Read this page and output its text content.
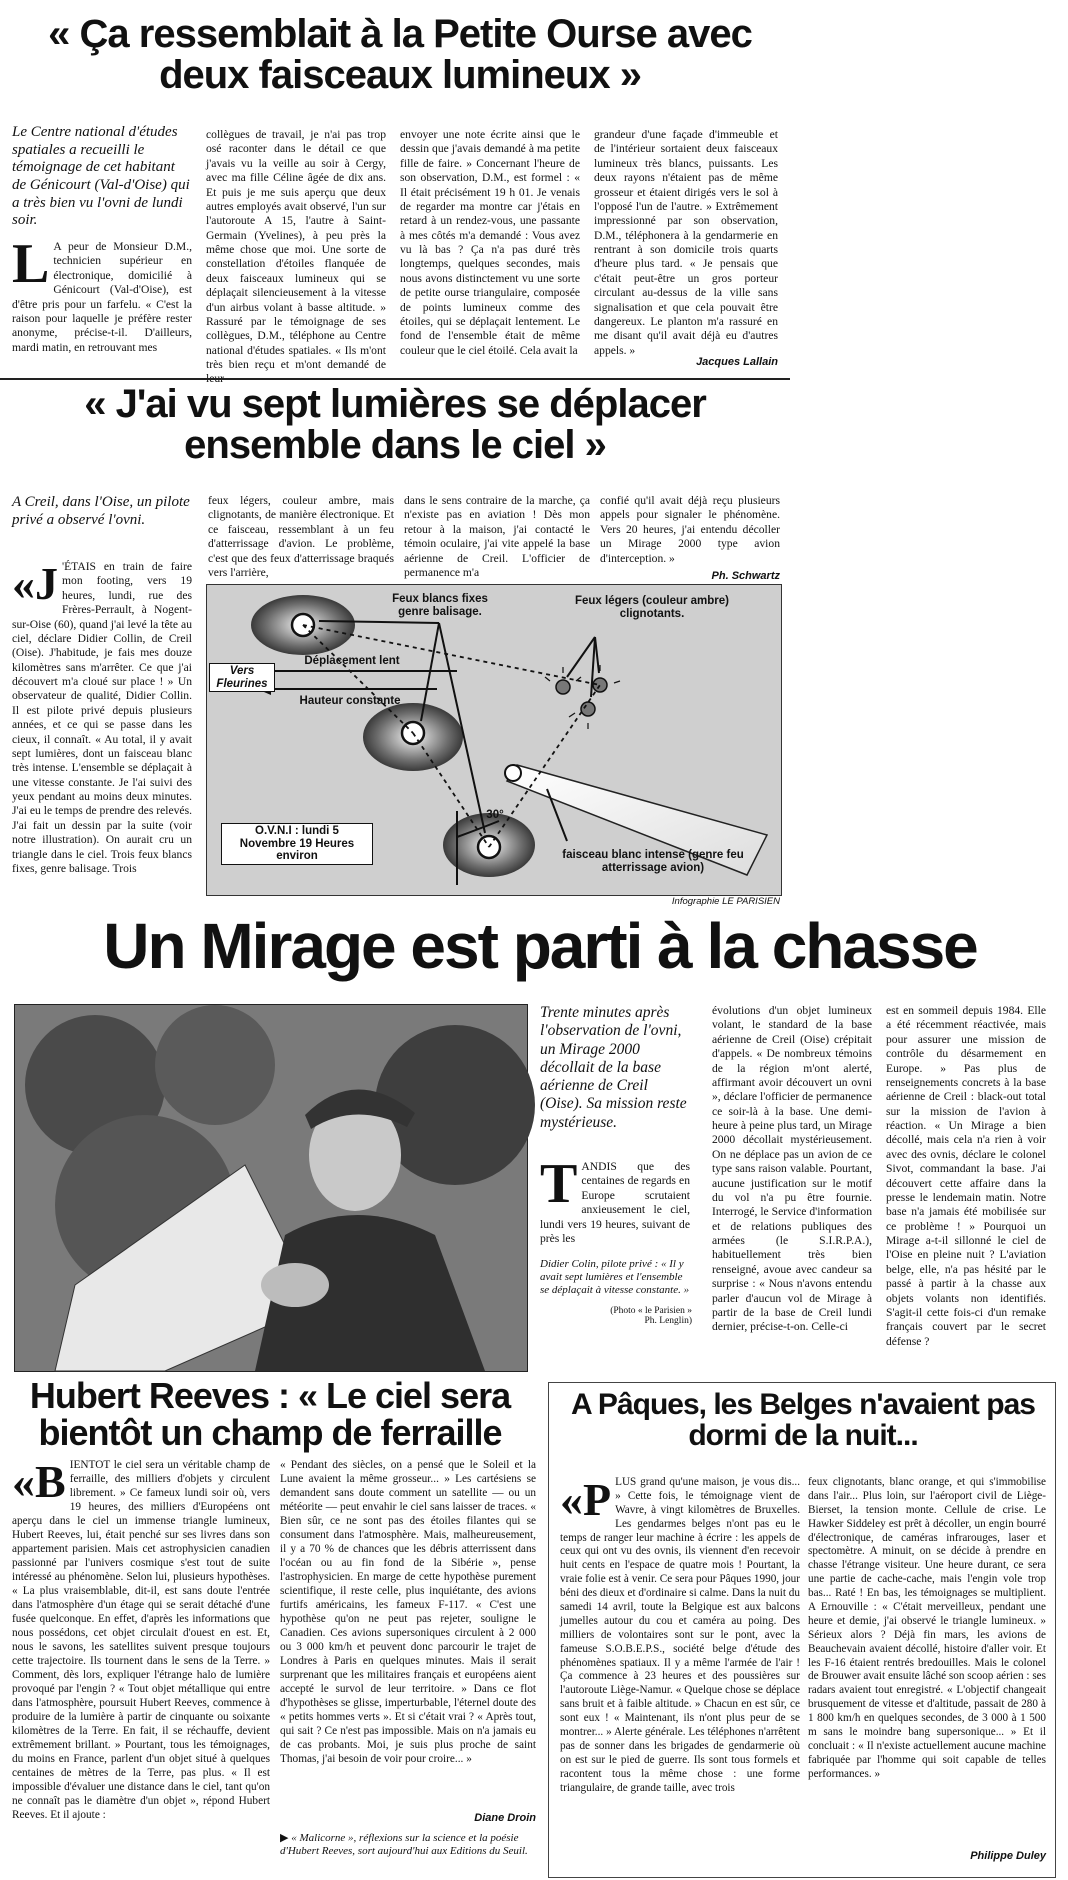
« Ça ressemblait à la Petite Ourse avec deux faisceaux lumineux »
Le Centre national d'études spatiales a recueilli le témoignage de cet habitant de Génicourt (Val-d'Oise) qui a très bien vu l'ovni de lundi soir.
L A peur de Monsieur D.M., technicien supérieur en électronique, domicilié à Génicourt (Val-d'Oise), est d'être pris pour un farfelu. « C'est la raison pour laquelle je préfère rester anonyme, précise-t-il. D'ailleurs, mardi matin, en retrouvant mes
collègues de travail, je n'ai pas trop osé raconter dans le détail ce que j'avais vu la veille au soir à Cergy, avec ma fille Céline âgée de dix ans. Et puis je me suis aperçu que deux autres employés avait observé, l'un sur l'autoroute A 15, l'autre à Saint-Germain (Yvelines), à peu près la même chose que moi. Une sorte de constellation d'étoiles flanquée de deux faisceaux lumineux qui se déplaçait silencieusement à la vitesse d'un airbus volant à basse altitude. » Rassuré par le témoignage de ses collègues, D.M., téléphone au Centre national d'études spatiales. « Ils m'ont très bien reçu et m'ont demandé de
envoyer une note écrite ainsi que le dessin que j'avais demandé à ma petite fille de faire. » Concernant l'heure de son observation, D.M., est formel : « Il était précisément 19 h 01. Je venais de regarder ma montre car j'étais en retard à un rendez-vous, une passante à mes côtés m'a demandé : Vous avez vu là bas ? Ça n'a pas duré très longtemps, quelques secondes, mais nous avons distinctement vu une sorte de petite ourse triangulaire, composée de points lumineux comme des étoiles, qui se déplaçait lentement. Le fond de l'ensemble était de même couleur que le ciel étoilé. Cela avait la
grandeur d'une façade d'immeuble et de l'intérieur sortaient deux faisceaux lumineux très blancs, puissants. Les deux rayons n'étaient pas de même grosseur et étaient dirigés vers le sol à l'opposé l'un de l'autre. » Extrêmement impressionné par son observation, D.M., téléphonera à la gendarmerie en rentrant à son domicile trois quarts d'heure plus tard. « Je pensais que c'était peut-être un gros porteur circulant au-dessus de la ville sans signalisation et que cela pouvait être dangereux. Le planton m'a rassuré en me disant qu'il avait déjà eu d'autres appels. »
Jacques Lallain
« J'ai vu sept lumières se déplacer ensemble dans le ciel »
A Creil, dans l'Oise, un pilote privé a observé l'ovni.
«J 'ÉTAIS en train de faire mon footing, vers 19 heures, lundi, rue des Frères-Perrault, à Nogent-sur-Oise (60), quand j'ai levé la tête au ciel, déclare Didier Collin, de Creil (Oise). J'habitude, je fais mes douze kilomètres sans m'arrêter. Ce que j'ai découvert m'a cloué sur place ! » Un observateur de qualité, Didier Collin. Il est pilote privé depuis plusieurs années, et ce qui se passe dans les cieux, il connaît. « Au total, il y avait sept lumières, dont un faisceau blanc très intense. L'ensemble se déplaçait à une vitesse constante. Je l'ai suivi des yeux pendant au moins deux minutes. J'ai eu le temps de prendre des relevés. J'ai fait un dessin par la suite (voir notre illustration). On aurait cru un triangle dans le ciel. Trois feux blancs fixes, genre balisage. Trois
feux légers, couleur ambre, mais clignotants, de manière électronique. Et ce faisceau, ressemblant à un feu d'atterrissage d'avion. Le problème, c'est que des feux d'atterrissage braqués vers l'arrière,
dans le sens contraire de la marche, ça n'existe pas en aviation ! Dès mon retour à la maison, j'ai contacté le témoin oculaire, j'ai vite appelé la base aérienne de Creil. L'officier de permanence m'a
confié qu'il avait déjà reçu plusieurs appels pour signaler le phénomène. Vers 20 heures, j'ai entendu décoller un Mirage 2000 type avion d'interception. »
Ph. Schwartz
Feux blancs fixes genre balisage.
Feux légers (couleur ambre) clignotants.
Déplacement lent
Vers Fleurines
Hauteur constante
30°
O.V.N.I : lundi 5 Novembre 19 Heures environ	faisceau blanc intense (genre feu atterrissage avion)
Infographie LE PARISIEN
Un Mirage est parti à la chasse
Trente minutes après l'observation de l'ovni, un Mirage 2000 décollait de la base aérienne de Creil (Oise). Sa mission reste mystérieuse.
TANDIS que des centaines de regards en Europe scrutaient anxieusement le ciel, lundi vers 19 heures, suivant de près les
Didier Colin, pilote privé : « Il y avait sept lumières et l'ensemble se déplaçait à vitesse constante. »
(Photo « le Parisien » Ph. Lenglin)
évolutions d'un objet lumineux volant, le standard de la base aérienne de Creil (Oise) crépitait d'appels. « De nombreux témoins de la région m'ont alerté, affirmant avoir découvert un ovni », déclare l'officier de permanence ce soir-là à la base. Une demi-heure à peine plus tard, un Mirage 2000 décollait mystérieusement. On ne déplace pas un avion de ce type sans raison valable. Pourtant, aucune justification sur le motif du vol n'a pu être fournie. Interrogé, le Service d'information et de relations publiques des armées (le S.I.R.P.A.), habituellement très bien renseigné, avoue avec candeur sa surprise : « Nous n'avons entendu parler d'aucun vol de Mirage à partir de la base de Creil lundi dernier, précise-t-on. Celle-ci
est en sommeil depuis 1984. Elle a été récemment réactivée, mais pour assurer une mission de contrôle du désarmement en Europe. » Pas plus de renseignements concrets à la base aérienne de Creil : black-out total sur la mission de l'avion à réaction. « Un Mirage a bien décollé, mais cela n'a rien à voir avec des ovnis, déclare le colonel Sivot, commandant la base. J'ai découvert cette affaire dans la presse le lendemain matin. Notre base n'a jamais été mobilisée sur ce problème ! » Pourquoi un Mirage a-t-il sillonné le ciel de l'Oise en pleine nuit ? L'aviation belge, elle, n'a pas hésité par le passé à partir à la chasse aux objets volants non identifiés. S'agit-il cette fois-ci d'un remake français couvert par le secret défense ?
Hubert Reeves : « Le ciel sera bientôt un champ de ferraille
«BIENTOT le ciel sera un véritable champ de ferraille, des milliers d'objets y circulent librement. » Ce fameux lundi soir où, vers 19 heures, des milliers d'Européens ont aperçu dans le ciel un immense triangle lumineux, Hubert Reeves, lui, était penché sur ses livres dans son appartement parisien. Mais cet astrophysicien canadien passionné par l'univers cosmique s'est tout de suite intéressé au phénomène. Selon lui, plusieurs hypothèses. « La plus vraisemblable, dit-il, est sans doute l'entrée dans l'atmosphère d'un étage qui se serait détaché d'une fusée quelconque. En effet, d'après les informations que nous possédons, cet objet circulait d'ouest en est. Et, nous le savons, les satellites suivent presque toujours cette trajectoire. Ils tournent dans le sens de la Terre. » Comment, dès lors, expliquer l'étrange halo de lumière provoqué par l'engin ? « Tout objet métallique qui entre dans l'atmosphère, poursuit Hubert Reeves, commence à produire de la lumière à partir de cinquante ou soixante kilomètres de la Terre. En fait, il se réchauffe, devient extrêmement brillant. » Pourtant, tous les témoignages, du moins en France, parlent d'un objet situé à quelques centaines de mètres de la Terre, pas plus. « Il est impossible d'évaluer une distance dans le ciel, tant qu'on ne connaît pas le diamètre d'un objet », répond Hubert Reeves. Et il ajoute :
« Pendant des siècles, on a pensé que le Soleil et la Lune avaient la même grosseur... » Les cartésiens se demandent sans doute comment un satellite — ou un météorite — peut envahir le ciel sans laisser de traces. « Bien sûr, ce ne sont pas des étoiles filantes qui se consument dans l'atmosphère. Mais, malheureusement, il y a 70 % de chances que les débris atterrissent dans l'océan ou au fin fond de la Sibérie », pense l'astrophysicien. En marge de cette hypothèse purement scientifique, il reste celle, plus inquiétante, des avions furtifs américains, les fameux F-117. « C'est une hypothèse qu'on ne peut pas rejeter, souligne le Canadien. Ces avions supersoniques circulent à 2 000 ou 3 000 km/h et peuvent donc parcourir le trajet de Londres à Paris en quelques minutes. Mais il serait surprenant que les militaires français et européens aient accepté le survol de leur territoire. » Dans ce flot d'hypothèses se glisse, imperturbable, l'éternel doute des « petits hommes verts ». Et si c'était vrai ? « Après tout, qui sait ? Ce n'est pas impossible. Mais on n'a jamais eu de cas probants. Moi, je suis plus proche de saint Thomas, j'ai besoin de voir pour croire... »
Diane Droin
▶ « Malicorne », réflexions sur la science et la poésie d'Hubert Reeves, sort aujourd'hui aux Editions du Seuil.
A Pâques, les Belges n'avaient pas dormi de la nuit...
«PLUS grand qu'une maison, je vous dis... » Cette fois, le témoignage vient de Wavre, à vingt kilomètres de Bruxelles. Les gendarmes belges n'ont pas eu le temps de ranger leur machine à écrire : les appels de ceux qui ont vu des ovnis, ils viennent d'en recevoir huit cents en l'espace de quatre mois ! Pourtant, la vraie folie est à venir. Ce sera pour Pâques 1990, jour béni des dieux et d'ordinaire si calme. Dans la nuit du samedi 14 avril, toute la Belgique est aux balcons jumelles autour du cou et caméra au poing. Des milliers de volontaires sont sur le pont, avec la fameuse S.O.B.E.P.S., société belge d'étude des phénomènes spatiaux. Il y a même l'armée de l'air ! Ça commence à 23 heures et des poussières sur l'autoroute Liège-Namur. « Quelque chose se déplace sans bruit et à faible altitude. » Chacun en est sûr, ce sont eux ! « Maintenant, ils n'ont plus peur de se montrer... » Alerte générale. Les téléphones n'arrêtent pas de sonner dans les brigades de gendarmerie où on est sur le pied de guerre. Ils sont tous formels et racontent tous la même chose : une forme triangulaire, de grande taille, avec trois
feux clignotants, blanc orange, et qui s'immobilise dans l'air... Plus loin, sur l'aéroport civil de Liège-Bierset, la tension monte. Cellule de crise. Le Hawker Siddeley est prêt à décoller, un engin bourré d'électronique, de caméras infrarouges, laser et spectomètre. A minuit, on se décide à prendre en chasse l'étrange visiteur. Une heure durant, ce sera une partie de cache-cache, mais l'engin vole trop bas... Raté ! En bas, les témoignages se multiplient. A Ernouville : « C'était merveilleux, pendant une heure et demie, j'ai observé le triangle lumineux. » Sérieux alors ? Déjà fin mars, les avions de Beauchevain avaient décollé, histoire d'aller voir. Et les F-16 étaient rentrés bredouilles. Mais le colonel de Brouwer avait ensuite lâché son scoop aérien : ses radars avaient tout enregistré. « L'objectif changeait brusquement de vitesse et d'altitude, passait de 280 à 1 800 km/h en quelques secondes, de 3 000 à 1 500 m sans le moindre bang supersonique... » Et il concluait : « Il n'existe actuellement aucune machine fabriquée par l'homme qui soit capable de telles performances. »
Philippe Duley
